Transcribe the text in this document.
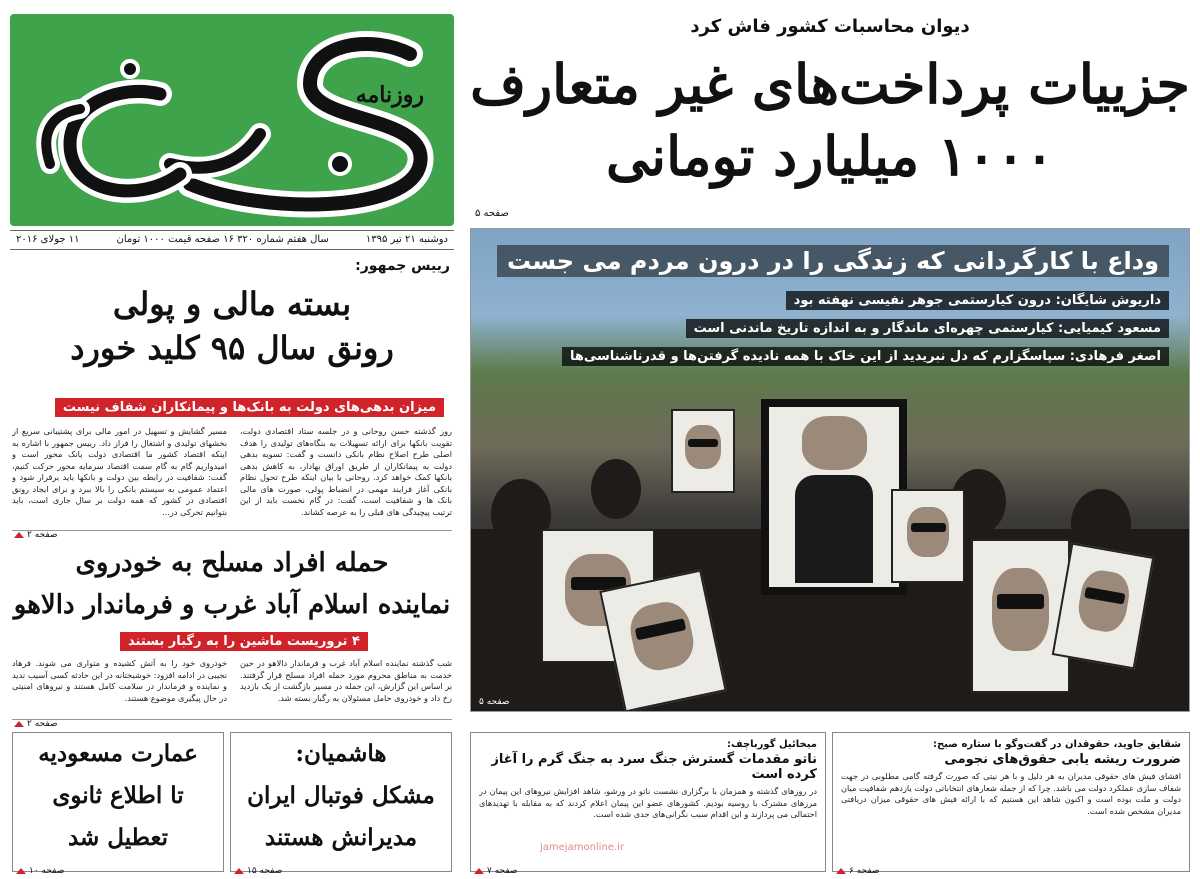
روزنامه
دوشنبه ۲۱ تیر ۱۳۹۵
سال هفتم شماره ۳۲۰ ۱۶ صفحه قیمت ۱۰۰۰ تومان
۱۱ جولای ۲۰۱۶
دیوان محاسبات کشور فاش کرد
جزییات پرداخت‌های غیر متعارف
۱۰۰۰ میلیارد تومانی
صفحه ۵
وداع با کارگردانی که زندگی را در درون مردم می جست
داریوش شایگان: درون کیارستمی جوهر نفیسی نهفته بود
مسعود کیمیایی: کیارستمی چهره‌ای ماندگار و به اندازه تاریخ ماندنی است
اصغر فرهادی: سپاسگزارم که دل نبریدید از این خاک با همه نادیده گرفتن‌ها و قدرناشناسی‌ها
صفحه ۵
رییس جمهور:
بسته مالی و پولی
رونق سال ۹۵ کلید خورد
میزان بدهی‌های دولت به بانک‌ها و پیمانکاران شفاف نیست
روز گذشته حسن روحانی و در جلسه ستاد اقتصادی دولت، تقویت بانکها برای ارائه تسهیلات به بنگاه‌های تولیدی را هدف اصلی طرح اصلاح نظام بانکی دانست و گفت: تسویه بدهی دولت به پیمانکاران از طریق اوراق بهادار، به کاهش بدهی بانکها کمک خواهد کرد. روحانی با بیان اینکه طرح تحول نظام بانکی آغاز فرایند مهمی در انضباط پولی، صورت های مالی بانک ها و شفافیت است، گفت: در گام نخست باید از این ترتیب پیچیدگی های قبلی را به عرصه کشاند.
مسیر گشایش و تسهیل در امور مالی برای پشتیبانی سریع از بخشهای تولیدی و اشتغال را فراز داد. رییس جمهور با اشاره به اینکه اقتصاد کشور ما اقتصادی دولت بانک محور است و امیدواریم گام به گام سمت اقتصاد سرمایه محور حرکت کنیم، گفت: شفافیت در رابطه بین دولت و بانکها باید برقرار شود و اعتماد عمومی به سیستم بانکی را بالا ببرد و برای ایجاد رونق اقتصادی در کشور که همه دولت بر سال جاری است، باید بتوانیم تحرکی در...
صفحه ۲
حمله افراد مسلح به خودروی
نماینده اسلام آباد غرب و فرماندار دالاهو
۴ تروریست ماشین را به رگبار بستند
شب گذشته نماینده اسلام آباد غرب و فرماندار دالاهو در حین خدمت به مناطق محروم مورد حمله افراد مسلح قرار گرفتند. بر اساس این گزارش، این حمله در مسیر بازگشت از یک بازدید رخ داد و خودروی حامل مسئولان به رگبار بسته شد.
خودروی خود را به آتش کشیده و متواری می شوند. فرهاد نجیبی در ادامه افزود: خوشبختانه در این حادثه کسی آسیب ندید و نماینده و فرماندار در سلامت کامل هستند و نیروهای امنیتی در حال پیگیری موضوع هستند.
صفحه ۲
عمارت مسعودیه
تا اطلاع ثانوی
تعطیل شد
صفحه ۱۰
هاشمیان:
مشکل فوتبال ایران
مدیرانش هستند
صفحه ۱۵
میخائیل گورباچف:
ناتو مقدمات گسترش جنگ سرد به جنگ گرم را آغاز کرده است
در روزهای گذشته و همزمان با برگزاری نشست ناتو در ورشو، شاهد افزایش نیروهای این پیمان در مرزهای مشترک با روسیه بودیم. کشورهای عضو این پیمان اعلام کردند که به مقابله با تهدیدهای احتمالی می پردازند و این اقدام سبب نگرانی‌های جدی شده است.
jamejamonline.ir
صفحه ۷
شقایق جاوید، حقوقدان در گفت‌وگو با ستاره صبح:
ضرورت ریشه یابی حقوق‌های نجومی
افشای فیش های حقوقی مدیران به هر دلیل و با هر نیتی که صورت گرفته گامی مطلوبی در جهت شفاف سازی عملکرد دولت می باشد. چرا که از جمله شعارهای انتخاباتی دولت یازدهم شفافیت میان دولت و ملت بوده است و اکنون شاهد این هستیم که با ارائه فیش های حقوقی میزان دریافتی مدیران مشخص شده است.
صفحه ۶
